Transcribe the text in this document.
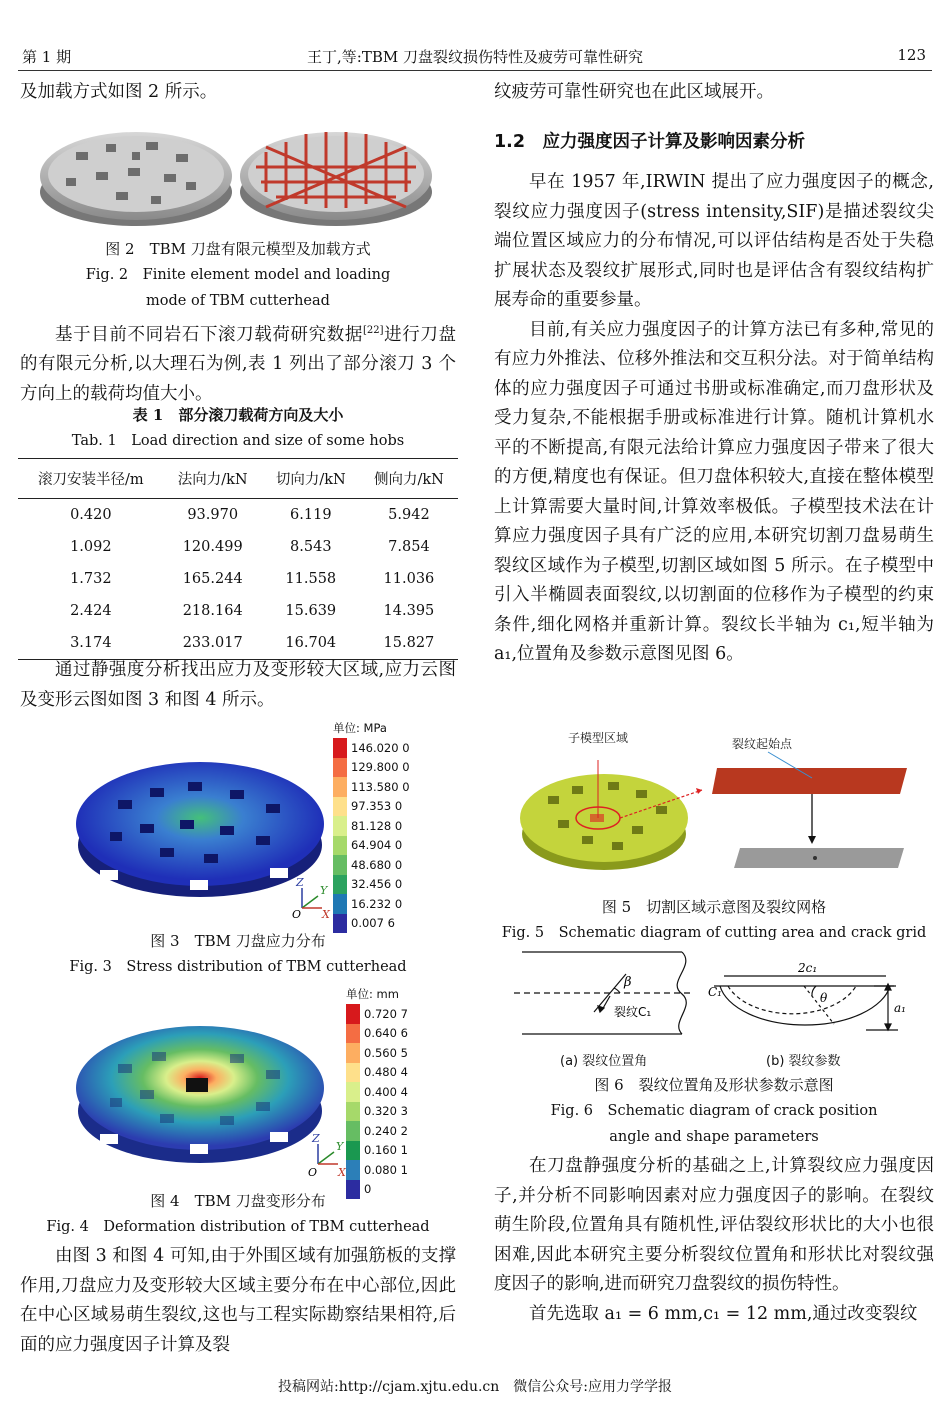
第 1 期	王丁,等:TBM 刀盘裂纹损伤特性及疲劳可靠性研究	123

及加载方式如图 2 所示。

图 2　TBM 刀盘有限元模型及加载方式
Fig. 2　Finite element model and loading
mode of TBM cutterhead

基于目前不同岩石下滚刀载荷研究数据[22]进行刀盘的有限元分析,以大理石为例,表 1 列出了部分滚刀 3 个方向上的载荷均值大小。

表 1　部分滚刀载荷方向及大小
Tab. 1　Load direction and size of some hobs
滚刀安装半径/m	法向力/kN	切向力/kN	侧向力/kN
0.420	93.970	6.119	5.942
1.092	120.499	8.543	7.854
1.732	165.244	11.558	11.036
2.424	218.164	15.639	14.395
3.174	233.017	16.704	15.827

通过静强度分析找出应力及变形较大区域,应力云图及变形云图如图 3 和图 4 所示。

Z
Y
O X
单位: MPa
146.020 0
129.800 0
113.580 0
97.353 0
81.128 0
64.904 0
48.680 0
32.456 0
16.232 0
0.007 6
图 3　TBM 刀盘应力分布
Fig. 3　Stress distribution of TBM cutterhead
Z
Y
O X
单位: mm
0.720 7
0.640 6
0.560 5
0.480 4
0.400 4
0.320 3
0.240 2
0.160 1
0.080 1
0
图 4　TBM 刀盘变形分布
Fig. 4　Deformation distribution of TBM cutterhead

由图 3 和图 4 可知,由于外围区域有加强筋板的支撑作用,刀盘应力及变形较大区域主要分布在中心部位,因此在中心区域易萌生裂纹,这也与工程实际勘察结果相符,后面的应力强度因子计算及裂

纹疲劳可靠性研究也在此区域展开。

1.2　应力强度因子计算及影响因素分析

早在 1957 年,IRWIN 提出了应力强度因子的概念,裂纹应力强度因子(stress intensity,SIF)是描述裂纹尖端位置区域应力的分布情况,可以评估结构是否处于失稳扩展状态及裂纹扩展形式,同时也是评估含有裂纹结构扩展寿命的重要参量。

目前,有关应力强度因子的计算方法已有多种,常见的有应力外推法、位移外推法和交互积分法。对于简单结构体的应力强度因子可通过书册或标准确定,而刀盘形状及受力复杂,不能根据手册或标准进行计算。随机计算机水平的不断提高,有限元法给计算应力强度因子带来了很大的方便,精度也有保证。但刀盘体积较大,直接在整体模型上计算需要大量时间,计算效率极低。子模型技术法在计算应力强度因子具有广泛的应用,本研究切割刀盘易萌生裂纹区域作为子模型,切割区域如图 5 所示。在子模型中引入半椭圆表面裂纹,以切割面的位移作为子模型的约束条件,细化网格并重新计算。裂纹长半轴为 c₁,短半轴为 a₁,位置角及参数示意图见图 6。

子模型区域	裂纹起始点
图 5　切割区域示意图及裂纹网格
Fig. 5　Schematic diagram of cutting area and crack grid
β
裂纹C₁
2c₁
C₁	θ
a₁
(a) 裂纹位置角	(b) 裂纹参数
图 6　裂纹位置角及形状参数示意图
Fig. 6　Schematic diagram of crack position
angle and shape parameters

在刀盘静强度分析的基础之上,计算裂纹应力强度因子,并分析不同影响因素对应力强度因子的影响。在裂纹萌生阶段,位置角具有随机性,评估裂纹形状比的大小也很困难,因此本研究主要分析裂纹位置角和形状比对裂纹强度因子的影响,进而研究刀盘裂纹的损伤特性。

首先选取 a₁ = 6 mm,c₁ = 12 mm,通过改变裂纹

投稿网站:http://cjam.xjtu.edu.cn　微信公众号:应用力学学报
